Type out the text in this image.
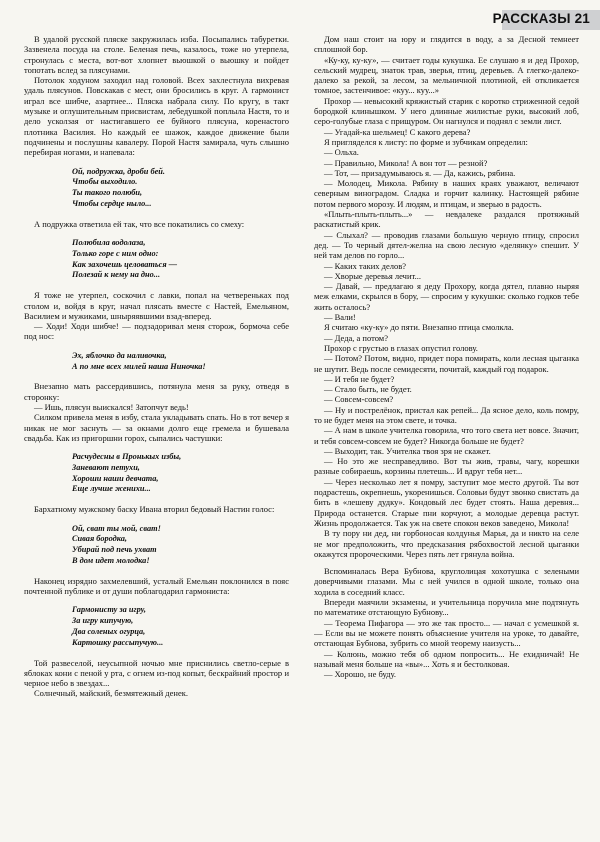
РАССКАЗЫ 21

В удалой русской пляске закружилась изба. Посыпались табуретки. Зазвенела посуда на столе. Беленая печь, казалось, тоже но утерпела, стронулась с места, вот-вот хлопнет вьюшкой о вьюшку и пойдет топотать вслед за плясунами.

Потолок ходуном заходил над головой. Всех захлестнула вихревая удаль плясунов. Повскакав с мест, они бросились в круг. А гармонист играл все шибче, азартнее... Пляска набрала силу. По кругу, в такт музыке и оглушительным присвистам, лебедушкой поплыла Настя, то и дело усколзая от настигавшего ее буйного плясуна, коренастого плотника Василия. Но каждый ее шажок, каждое движение были подчинены и послушны кавалеру. Порой Настя замирала, чуть слышно перебирая ногами, и напевала:

Ой, подружка, дроби бей.
Чтобы выходило.
Ты такого полюби,
Чтобы сердце ныло...

А подружка ответила ей так, что все покатились со смеху:

Полюбила водолаза,
Только горе с ним одно:
Как захочешь целоваться —
Полезай к нему на дно...

Я тоже не утерпел, соскочил с лавки, попал на четвереньках под столом и, войдя в круг, начал плясать вместе с Настей, Емельяном, Василием и мужиками, шныряявшими взад-вперед.

— Ходи! Ходи шибче! — подзадоривал меня сторож, бормоча себе под нос:

Эх, яблочко да наливочка,
А по мне всех милей наша Ниночка!

Внезапно мать рассердившись, потянула меня за руку, отведя в сторонку:

— Ишь, плясун выискался! Затопчут ведь!

Силком привела меня в избу, стала укладывать спать. Но в тот вечер я никак не мог заснуть — за окнами долго еще гремела и бушевала свадьба. Как из пригоршни горох, сыпались частушки:

Расчудесны в Пронькых избы,
Заневают петухи,
Хороши наши девчата,
Еще лучше женихи...

Бархатному мужскому баску Ивана вторил бедовый Настин голос:

Ой, сват ты мой, сват!
Сивая бородка,
Убирай под печь ухват
В дом идет молодка!

Наконец изрядно захмелевший, усталый Емельян поклонился в пояс почтенной публике и от души поблагодарил гармониста:

Гармонисту за игру,
За игру кипучую,
Два соленых огурца,
Картошку рассыпучую...

Той развеселой, неусыпной ночью мне приснились светло-серые в яблоках кони с пеной у рта, с огнем из-под копыт, бескрайний простор и черное небо в звездах...

Солнечный, майский, безмятежный денек.

Дом наш стоит на юру и глядится в воду, а за Десной темнеет сплошной бор.

«Ку-ку, ку-ку», — считает годы кукушка. Ее слушаю я и дед Прохор, сельский мудрец, знаток трав, зверья, птиц, деревьев. А глегко-далеко-далеко за рекой, за лесом, за мельничной плотиной, ей откликается томное, застенчивое: «куу... куу...»

Прохор — невысокий кряжистый старик с коротко стриженной седой бородкой клинышком. У него длинные жилистые руки, высокий лоб, серо-голубые глаза с прищуром. Он нагнулся и поднял с земли лист.

— Угадай-ка шельмец! С какого дерева?

Я пригляделся к листу: по форме и зубчикам определил:

— Ольха.

— Правильно, Микола! А вон тот — резной?

— Тот, — призадумываюсь я. — Да, кажись, рябина.

— Молодец, Микола. Рябину в наших краях уважают, величают северным виноградом. Сладка и горчит калинку. Настоящей рябине потом первого морозу. И людям, и птицам, и зверью в радость.

«Плыть-плыть-плыть...» — невдалеке раздался протяжный раскатистый крик.

— Слыхал? — проводив глазами большую черную птицу, спросил дед. — То черный дятел-желна на свою лесную «делянку» спешит. У ней там делов по горло...

— Каких таких делов?

— Хворые деревья лечит...

— Давай, — предлагаю я деду Прохору, когда дятел, плавно ныряя меж елками, скрылся в бору, — спросим у кукушки: сколько годков тебе жить осталось?

— Вали!

Я считаю «ку-ку» до пяти. Внезапно птица смолкла.

— Деда, а потом?

Прохор с грустью в глазах опустил голову.

— Потом? Потом, видно, придет пора помирать, коли лесная цыганка не шутит. Ведь после семидесяти, почитай, каждый год подарок.

— И тебя не будет?

— Стало быть, не будет.

— Совсем-совсем?

— Ну и пострелёнок, пристал как репей... Да ясное дело, коль помру, то не будет меня на этом свете, и точка.

— А нам в школе учителка говорила, что того света нет вовсе. Значит, и тебя совсем-совсем не будет? Никогда больше не будет?

— Выходит, так. Учителка твоя зря не скажет.

— Но это же несправедливо. Вот ты жив, травы, чагу, корешки разные собираешь, корзины плетешь... И вдруг тебя нет...

— Через несколько лет я помру, заступит мое место другой. Ты вот подрастешь, окрепнешь, укоренишься. Соловьи будут звонко свистать да бить в «лешеву дудку». Кондовый лес будет стоять. Наша деревня... Природа останется. Старые пни корчуют, а молодые деревца растут. Жизнь продолжается. Так уж на свете спокон веков заведено, Микола!

В ту пору ни дед, ни горбоносая колдунья Марья, да и никто на селе не мог предположить, что предсказания рябохвостой лесной цыганки окажутся пророческими. Через пять лет грянула война.

Вспоминалась Вера Бубнова, круглолицая хохотушка с зелеными доверчивыми глазами. Мы с ней учился в одной школе, только она ходила в соседний класс.

Впереди маячили экзамены, и учительница поручила мне подтянуть по математике отстающую Бубнову...

— Теорема Пифагора — это же так просто... — начал с усмешкой я. — Если вы не можете понять объяснение учителя на уроке, то давайте, отстающая Бубнова, зубрить со мной теорему наизусть...

— Колюнь, можно тебя об одном попросить... Не ехидничай! Не называй меня больше на «вы»... Хоть я и бестолковая.

— Хорошо, не буду.
